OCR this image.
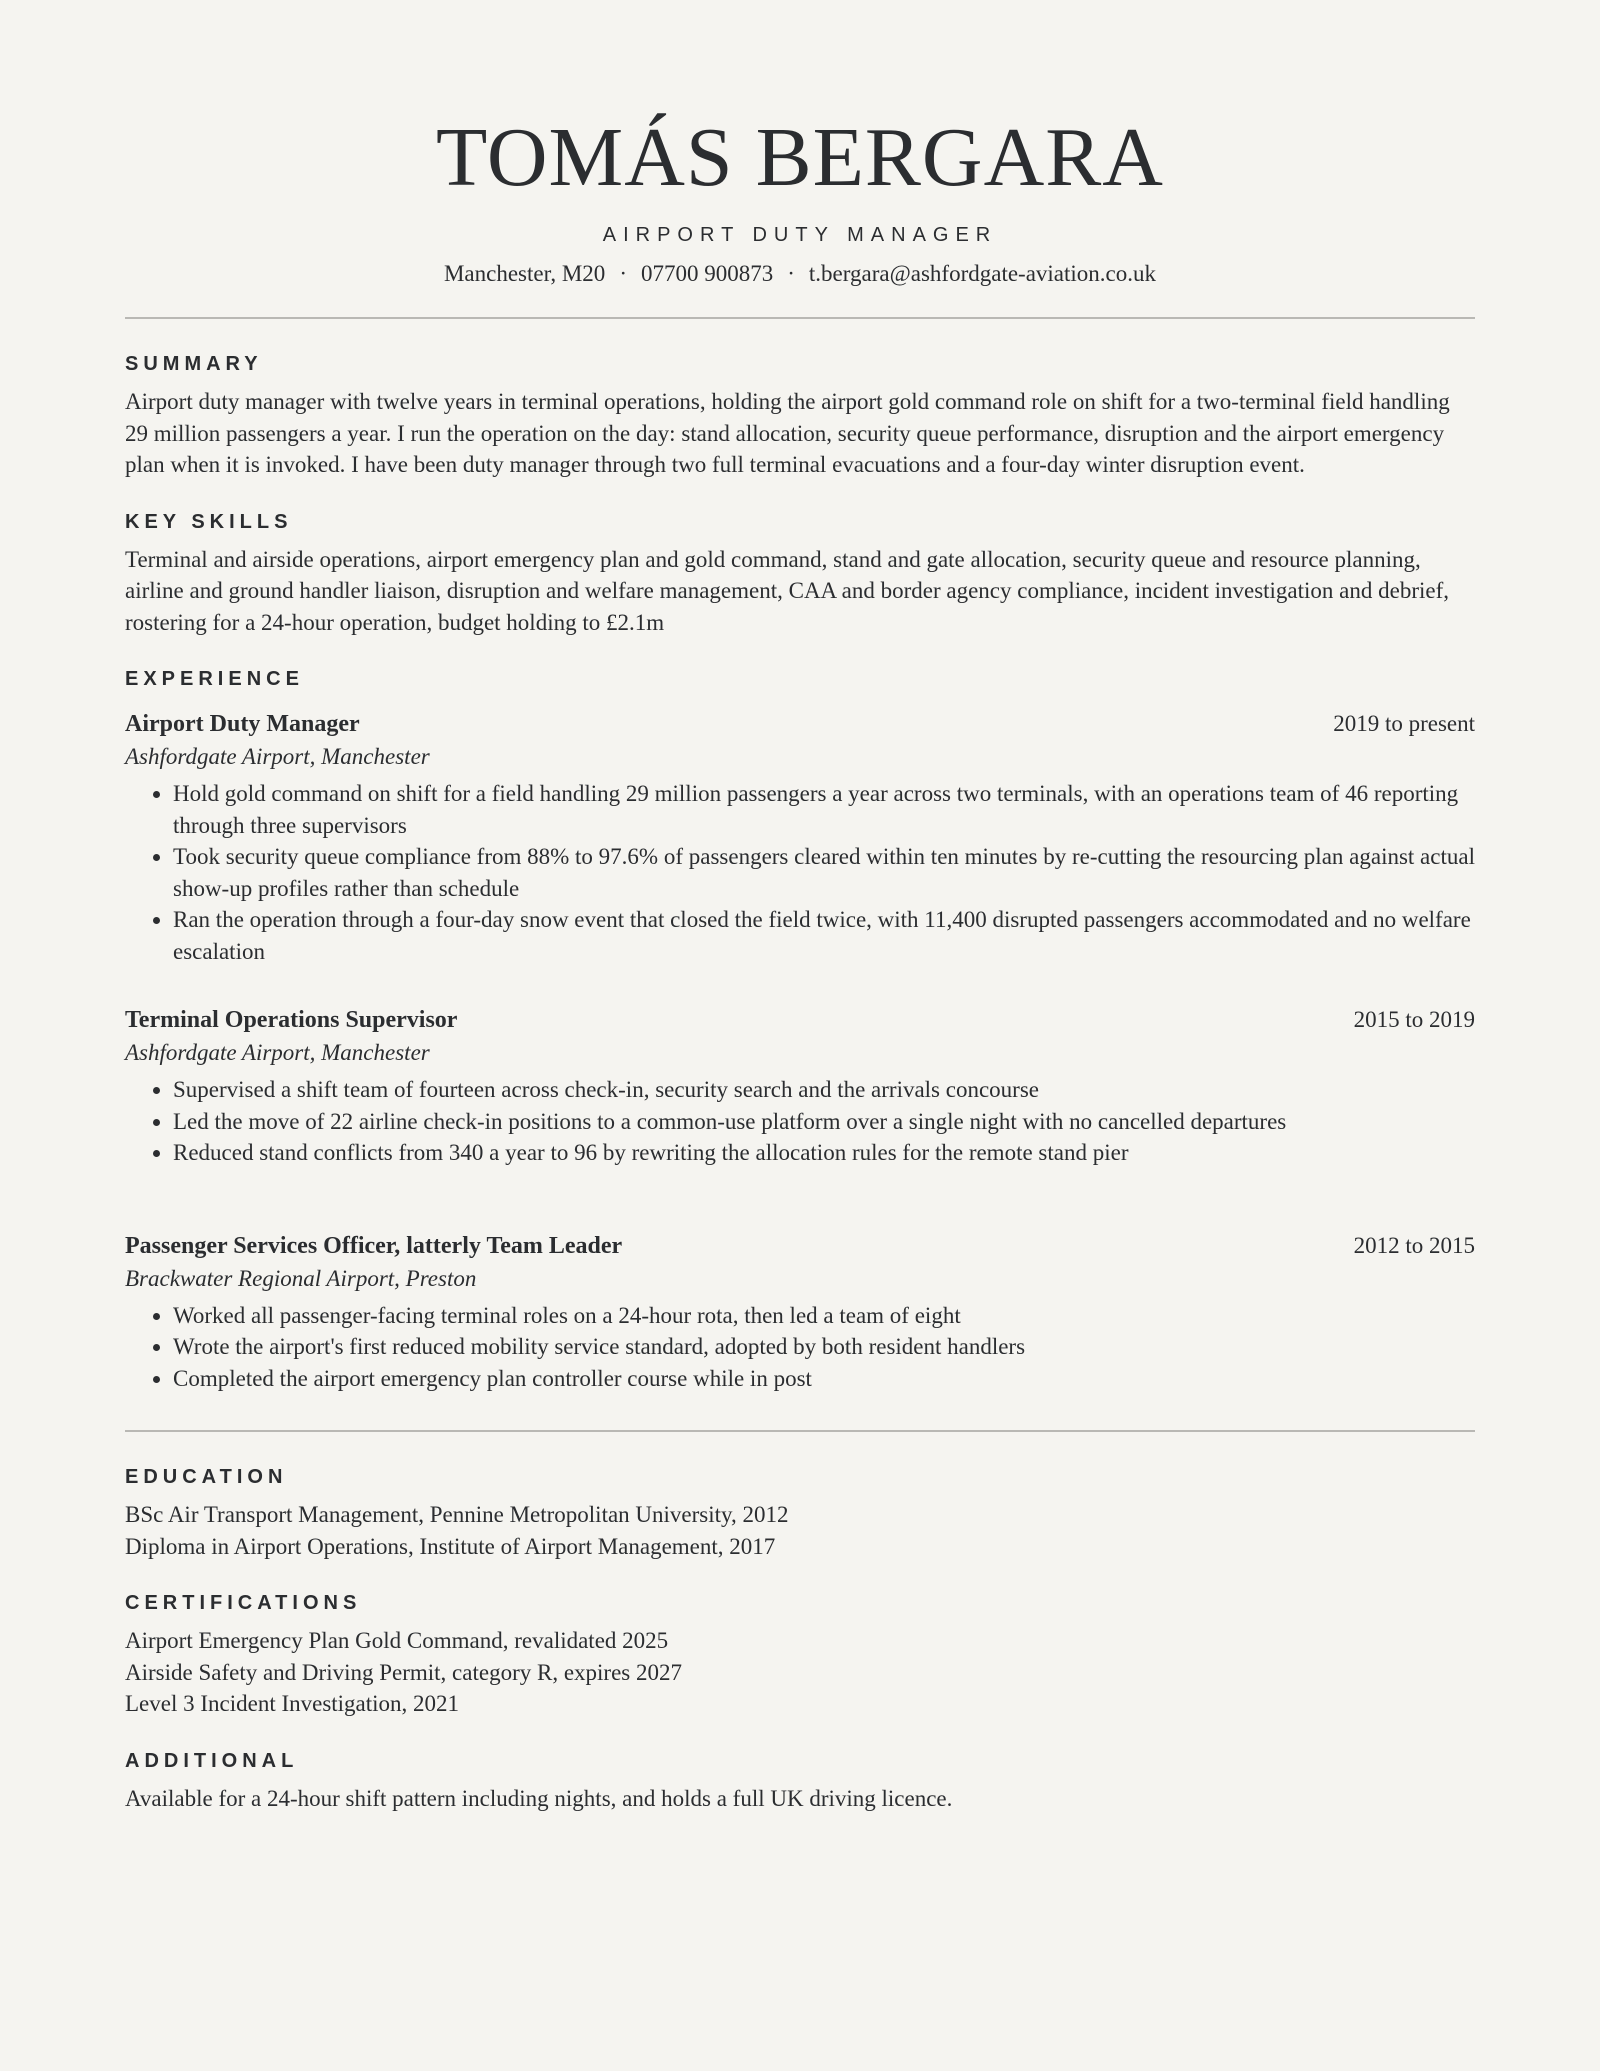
TOMÁS BERGARA
AIRPORT DUTY MANAGER
Manchester, M20 · 07700 900873 · t.bergara@ashfordgate-aviation.co.uk
SUMMARY

Airport duty manager with twelve years in terminal operations, holding the airport gold command role on shift for a two-terminal field handling 29 million passengers a year. I run the operation on the day: stand allocation, security queue performance, disruption and the airport emergency plan when it is invoked. I have been duty manager through two full terminal evacuations and a four-day winter disruption event.

KEY SKILLS

Terminal and airside operations, airport emergency plan and gold command, stand and gate allocation, security queue and resource planning, airline and ground handler liaison, disruption and welfare management, CAA and border agency compliance, incident investigation and debrief, rostering for a 24-hour operation, budget holding to £2.1m

EXPERIENCE
Airport Duty Manager	2019 to present
Ashfordgate Airport, Manchester
• Hold gold command on shift for a field handling 29 million passengers a year across two terminals, with an operations team of 46 reporting through three supervisors
• Took security queue compliance from 88% to 97.6% of passengers cleared within ten minutes by re-cutting the resourcing plan against actual show-up profiles rather than schedule
• Ran the operation through a four-day snow event that closed the field twice, with 11,400 disrupted passengers accommodated and no welfare escalation
Terminal Operations Supervisor	2015 to 2019
Ashfordgate Airport, Manchester
• Supervised a shift team of fourteen across check-in, security search and the arrivals concourse
• Led the move of 22 airline check-in positions to a common-use platform over a single night with no cancelled departures
• Reduced stand conflicts from 340 a year to 96 by rewriting the allocation rules for the remote stand pier
Passenger Services Officer, latterly Team Leader	2012 to 2015
Brackwater Regional Airport, Preston
• Worked all passenger-facing terminal roles on a 24-hour rota, then led a team of eight
• Wrote the airport's first reduced mobility service standard, adopted by both resident handlers
• Completed the airport emergency plan controller course while in post
EDUCATION
BSc Air Transport Management, Pennine Metropolitan University, 2012
Diploma in Airport Operations, Institute of Airport Management, 2017
CERTIFICATIONS
Airport Emergency Plan Gold Command, revalidated 2025
Airside Safety and Driving Permit, category R, expires 2027
Level 3 Incident Investigation, 2021
ADDITIONAL

Available for a 24-hour shift pattern including nights, and holds a full UK driving licence.
